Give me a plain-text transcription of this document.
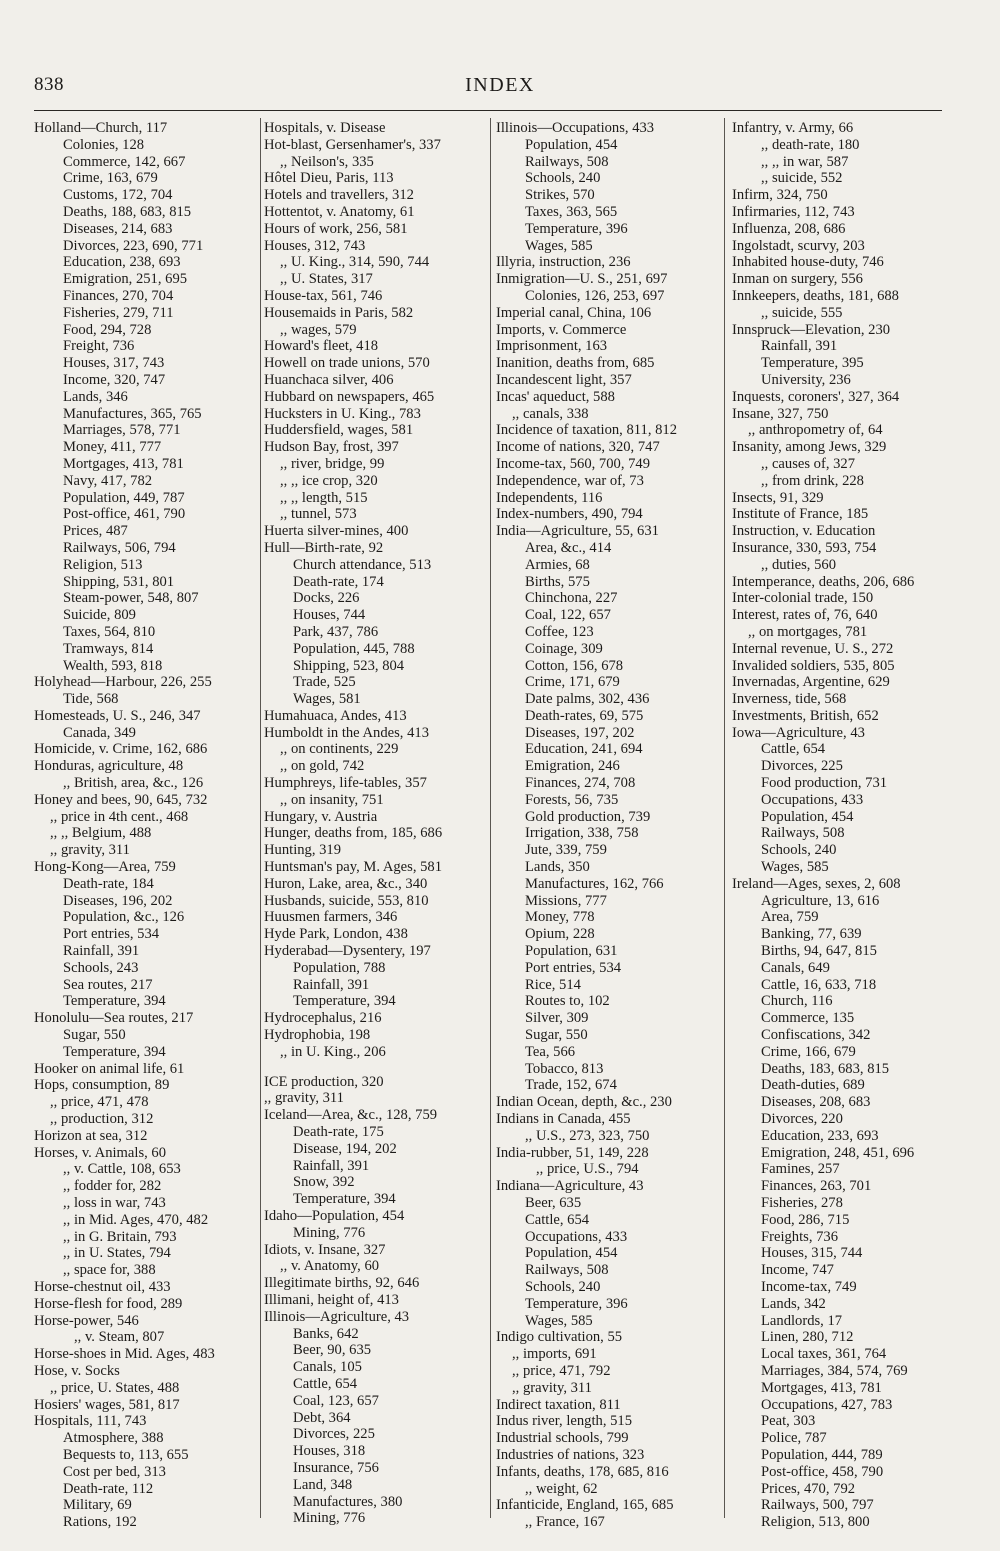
838	INDEX
Holland—Church, 117
Colonies, 128
Commerce, 142, 667
Crime, 163, 679
Customs, 172, 704
Deaths, 188, 683, 815
Diseases, 214, 683
Divorces, 223, 690, 771
Education, 238, 693
Emigration, 251, 695
Finances, 270, 704
Fisheries, 279, 711
Food, 294, 728
Freight, 736
Houses, 317, 743
Income, 320, 747
Lands, 346
Manufactures, 365, 765
Marriages, 578, 771
Money, 411, 777
Mortgages, 413, 781
Navy, 417, 782
Population, 449, 787
Post-office, 461, 790
Prices, 487
Railways, 506, 794
Religion, 513
Shipping, 531, 801
Steam-power, 548, 807
Suicide, 809
Taxes, 564, 810
Tramways, 814
Wealth, 593, 818
Holyhead—Harbour, 226, 255
Tide, 568
Homesteads, U. S., 246, 347
Canada, 349
Homicide, v. Crime, 162, 686
Honduras, agriculture, 48
,, British, area, &c., 126
Honey and bees, 90, 645, 732
,, price in 4th cent., 468
,, ,, Belgium, 488
,, gravity, 311
Hong-Kong—Area, 759
Death-rate, 184
Diseases, 196, 202
Population, &c., 126
Port entries, 534
Rainfall, 391
Schools, 243
Sea routes, 217
Temperature, 394
Honolulu—Sea routes, 217
Sugar, 550
Temperature, 394
Hooker on animal life, 61
Hops, consumption, 89
,, price, 471, 478
,, production, 312
Horizon at sea, 312
Horses, v. Animals, 60
,, v. Cattle, 108, 653
,, fodder for, 282
,, loss in war, 743
,, in Mid. Ages, 470, 482
,, in G. Britain, 793
,, in U. States, 794
,, space for, 388
Horse-chestnut oil, 433
Horse-flesh for food, 289
Horse-power, 546
,, v. Steam, 807
Horse-shoes in Mid. Ages, 483
Hose, v. Socks
,, price, U. States, 488
Hosiers' wages, 581, 817
Hospitals, 111, 743
Atmosphere, 388
Bequests to, 113, 655
Cost per bed, 313
Death-rate, 112
Military, 69
Rations, 192
Hospitals, v. Disease
Hot-blast, Gersenhamer's, 337
,, Neilson's, 335
Hôtel Dieu, Paris, 113
Hotels and travellers, 312
Hottentot, v. Anatomy, 61
Hours of work, 256, 581
Houses, 312, 743
,, U. King., 314, 590, 744
,, U. States, 317
House-tax, 561, 746
Housemaids in Paris, 582
,, wages, 579
Howard's fleet, 418
Howell on trade unions, 570
Huanchaca silver, 406
Hubbard on newspapers, 465
Hucksters in U. King., 783
Huddersfield, wages, 581
Hudson Bay, frost, 397
,, river, bridge, 99
,, ,, ice crop, 320
,, ,, length, 515
,, tunnel, 573
Huerta silver-mines, 400
Hull—Birth-rate, 92
Church attendance, 513
Death-rate, 174
Docks, 226
Houses, 744
Park, 437, 786
Population, 445, 788
Shipping, 523, 804
Trade, 525
Wages, 581
Humahuaca, Andes, 413
Humboldt in the Andes, 413
,, on continents, 229
,, on gold, 742
Humphreys, life-tables, 357
,, on insanity, 751
Hungary, v. Austria
Hunger, deaths from, 185, 686
Hunting, 319
Huntsman's pay, M. Ages, 581
Huron, Lake, area, &c., 340
Husbands, suicide, 553, 810
Huusmen farmers, 346
Hyde Park, London, 438
Hyderabad—Dysentery, 197
Population, 788
Rainfall, 391
Temperature, 394
Hydrocephalus, 216
Hydrophobia, 198
,, in U. King., 206
ICE production, 320
,, gravity, 311
Iceland—Area, &c., 128, 759
Death-rate, 175
Disease, 194, 202
Rainfall, 391
Snow, 392
Temperature, 394
Idaho—Population, 454
Mining, 776
Idiots, v. Insane, 327
,, v. Anatomy, 60
Illegitimate births, 92, 646
Illimani, height of, 413
Illinois—Agriculture, 43
Banks, 642
Beer, 90, 635
Canals, 105
Cattle, 654
Coal, 123, 657
Debt, 364
Divorces, 225
Houses, 318
Insurance, 756
Land, 348
Manufactures, 380
Mining, 776
Illinois—Occupations, 433
Population, 454
Railways, 508
Schools, 240
Strikes, 570
Taxes, 363, 565
Temperature, 396
Wages, 585
Illyria, instruction, 236
Inmigration—U. S., 251, 697
Colonies, 126, 253, 697
Imperial canal, China, 106
Imports, v. Commerce
Imprisonment, 163
Inanition, deaths from, 685
Incandescent light, 357
Incas' aqueduct, 588
,, canals, 338
Incidence of taxation, 811, 812
Income of nations, 320, 747
Income-tax, 560, 700, 749
Independence, war of, 73
Independents, 116
Index-numbers, 490, 794
India—Agriculture, 55, 631
Area, &c., 414
Armies, 68
Births, 575
Chinchona, 227
Coal, 122, 657
Coffee, 123
Coinage, 309
Cotton, 156, 678
Crime, 171, 679
Date palms, 302, 436
Death-rates, 69, 575
Diseases, 197, 202
Education, 241, 694
Emigration, 246
Finances, 274, 708
Forests, 56, 735
Gold production, 739
Irrigation, 338, 758
Jute, 339, 759
Lands, 350
Manufactures, 162, 766
Missions, 777
Money, 778
Opium, 228
Population, 631
Port entries, 534
Rice, 514
Routes to, 102
Silver, 309
Sugar, 550
Tea, 566
Tobacco, 813
Trade, 152, 674
Indian Ocean, depth, &c., 230
Indians in Canada, 455
,, U.S., 273, 323, 750
India-rubber, 51, 149, 228
,, price, U.S., 794
Indiana—Agriculture, 43
Beer, 635
Cattle, 654
Occupations, 433
Population, 454
Railways, 508
Schools, 240
Temperature, 396
Wages, 585
Indigo cultivation, 55
,, imports, 691
,, price, 471, 792
,, gravity, 311
Indirect taxation, 811
Indus river, length, 515
Industrial schools, 799
Industries of nations, 323
Infants, deaths, 178, 685, 816
,, weight, 62
Infanticide, England, 165, 685
,, France, 167
Infantry, v. Army, 66
,, death-rate, 180
,, ,, in war, 587
,, suicide, 552
Infirm, 324, 750
Infirmaries, 112, 743
Influenza, 208, 686
Ingolstadt, scurvy, 203
Inhabited house-duty, 746
Inman on surgery, 556
Innkeepers, deaths, 181, 688
,, suicide, 555
Innspruck—Elevation, 230
Rainfall, 391
Temperature, 395
University, 236
Inquests, coroners', 327, 364
Insane, 327, 750
,, anthropometry of, 64
Insanity, among Jews, 329
,, causes of, 327
,, from drink, 228
Insects, 91, 329
Institute of France, 185
Instruction, v. Education
Insurance, 330, 593, 754
,, duties, 560
Intemperance, deaths, 206, 686
Inter-colonial trade, 150
Interest, rates of, 76, 640
,, on mortgages, 781
Internal revenue, U. S., 272
Invalided soldiers, 535, 805
Invernadas, Argentine, 629
Inverness, tide, 568
Investments, British, 652
Iowa—Agriculture, 43
Cattle, 654
Divorces, 225
Food production, 731
Occupations, 433
Population, 454
Railways, 508
Schools, 240
Wages, 585
Ireland—Ages, sexes, 2, 608
Agriculture, 13, 616
Area, 759
Banking, 77, 639
Births, 94, 647, 815
Canals, 649
Cattle, 16, 633, 718
Church, 116
Commerce, 135
Confiscations, 342
Crime, 166, 679
Deaths, 183, 683, 815
Death-duties, 689
Diseases, 208, 683
Divorces, 220
Education, 233, 693
Emigration, 248, 451, 696
Famines, 257
Finances, 263, 701
Fisheries, 278
Food, 286, 715
Freights, 736
Houses, 315, 744
Income, 747
Income-tax, 749
Lands, 342
Landlords, 17
Linen, 280, 712
Local taxes, 361, 764
Marriages, 384, 574, 769
Mortgages, 413, 781
Occupations, 427, 783
Peat, 303
Police, 787
Population, 444, 789
Post-office, 458, 790
Prices, 470, 792
Railways, 500, 797
Religion, 513, 800
